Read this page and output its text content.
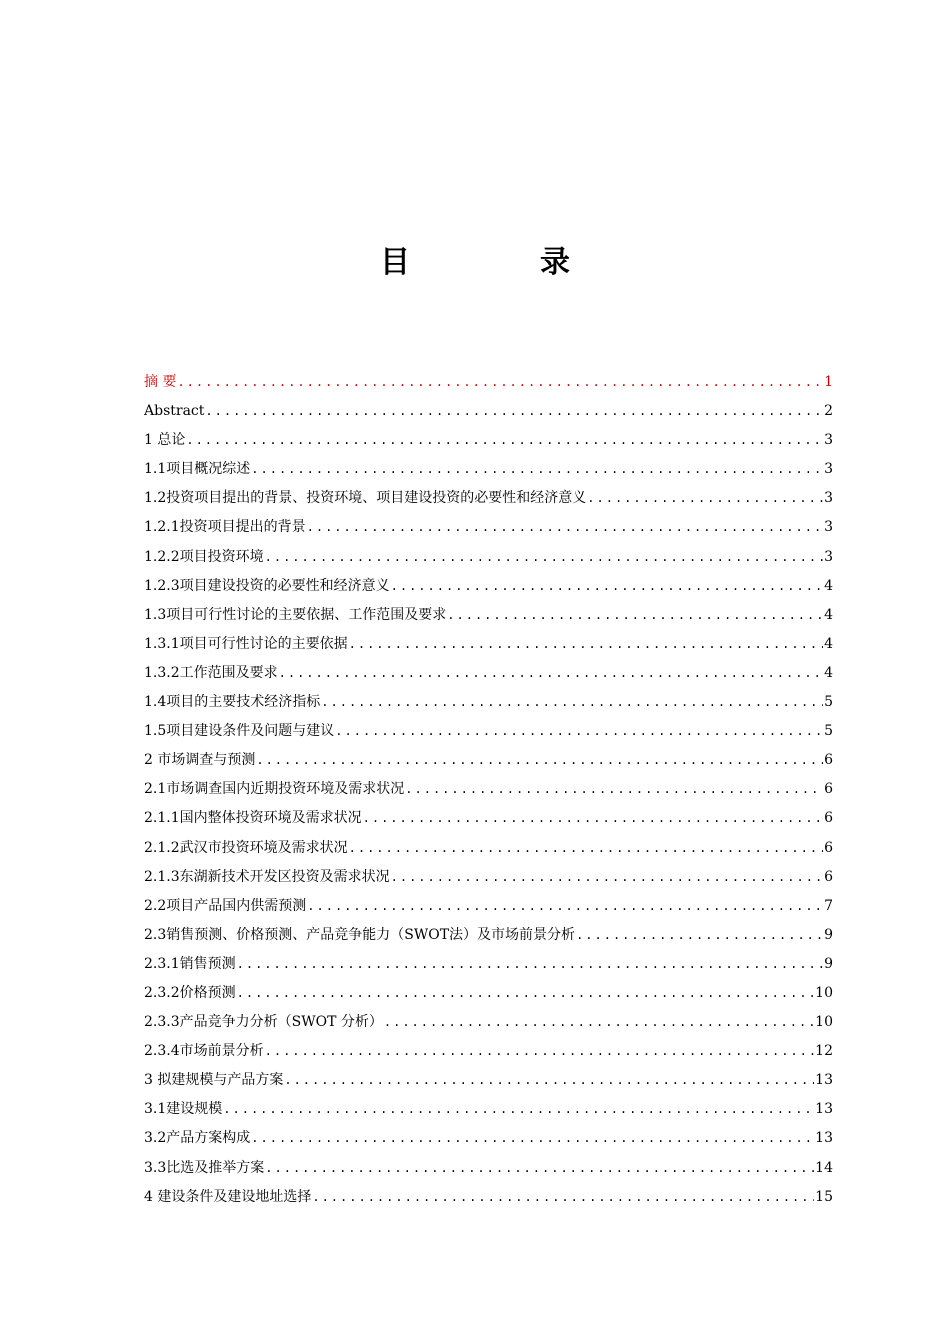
目　录
摘 要 .....	1
Abstract .....	2
1 总论 .....	3
1.1项目概况综述 .....	3
1.2投资项目提出的背景、投资环境、项目建设投资的必要性和经济意义 .....	3
1.2.1投资项目提出的背景 .....	3
1.2.2项目投资环境 .....	3
1.2.3项目建设投资的必要性和经济意义 .....	4
1.3项目可行性讨论的主要依据、工作范围及要求 .....	4
1.3.1项目可行性讨论的主要依据 .....	4
1.3.2工作范围及要求 .....	4
1.4项目的主要技术经济指标 .....	5
1.5项目建设条件及问题与建议 .....	5
2 市场调查与预测 .....	6
2.1市场调查国内近期投资环境及需求状况 .....	6
2.1.1国内整体投资环境及需求状况 .....	6
2.1.2武汉市投资环境及需求状况 .....	6
2.1.3东湖新技术开发区投资及需求状况 .....	6
2.2项目产品国内供需预测 .....	7
2.3销售预测、价格预测、产品竞争能力（SWOT法）及市场前景分析 .....	9
2.3.1销售预测 .....	9
2.3.2价格预测 .....	10
2.3.3产品竞争力分析（SWOT 分析） .....	10
2.3.4市场前景分析 .....	12
3 拟建规模与产品方案 .....	13
3.1建设规模 .....	13
3.2产品方案构成 .....	13
3.3比选及推举方案 .....	14
4 建设条件及建设地址选择 .....	15
